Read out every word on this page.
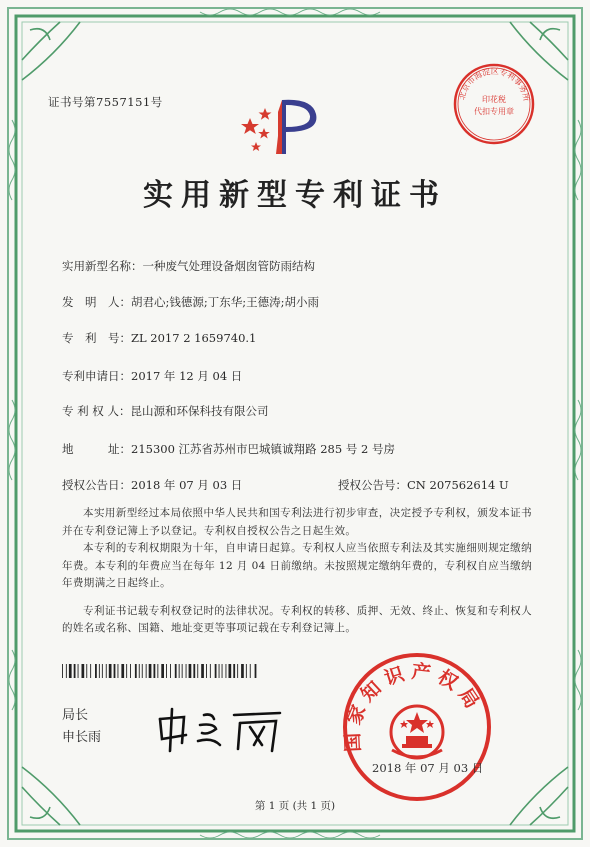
证书号第7557151号	北京市海淀区专利事务所
印花税
代扣专用章
实用新型专利证书
实用新型名称：一种废气处理设备烟囱管防雨结构
发　明　人：胡君心;钱德源;丁东华;王德涛;胡小雨
专　利　号：ZL 2017 2 1659740.1
专利申请日：2017 年 12 月 04 日
专 利 权 人：昆山源和环保科技有限公司
地　　　址：215300 江苏省苏州市巴城镇诚翔路 285 号 2 号房
授权公告日：2018 年 07 月 03 日	授权公告号：CN 207562614 U

本实用新型经过本局依照中华人民共和国专利法进行初步审查，决定授予专利权，颁发本证书并在专利登记簿上予以登记。专利权自授权公告之日起生效。

本专利的专利权期限为十年，自申请日起算。专利权人应当依照专利法及其实施细则规定缴纳年费。本专利的年费应当在每年 12 月 04 日前缴纳。未按照规定缴纳年费的，专利权自应当缴纳年费期满之日起终止。

专利证书记载专利权登记时的法律状况。专利权的转移、质押、无效、终止、恢复和专利权人的姓名或名称、国籍、地址变更等事项记载在专利登记簿上。

局长
申长雨	国家知识产权局
2018 年 07 月 03 日
第 1 页 (共 1 页)
